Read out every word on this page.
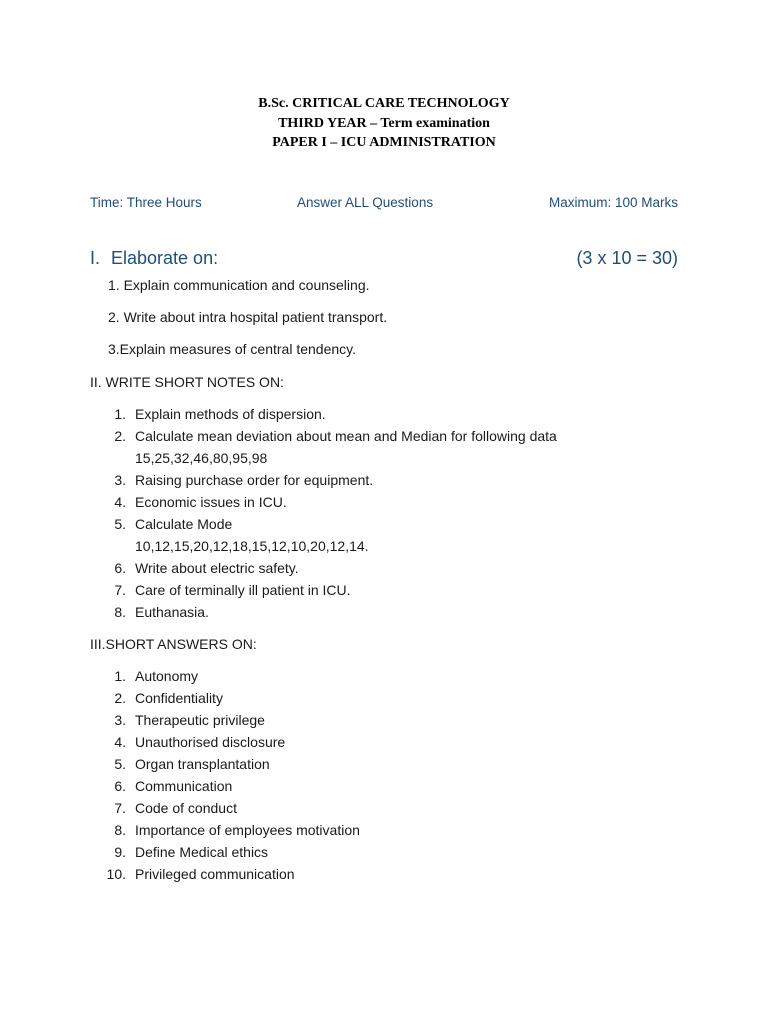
B.Sc. CRITICAL CARE TECHNOLOGY
THIRD YEAR – Term examination
PAPER I – ICU ADMINISTRATION
Time: Three Hours	Answer ALL Questions	Maximum: 100 Marks
I. Elaborate on:	(3 x 10 = 30)
1. Explain communication and counseling.
2. Write about intra hospital patient transport.
3.Explain measures of central tendency.
II. WRITE SHORT NOTES ON:
1. Explain methods of dispersion.
2. Calculate mean deviation about mean and Median for following data
15,25,32,46,80,95,98
3. Raising purchase order for equipment.
4. Economic issues in ICU.
5. Calculate Mode
10,12,15,20,12,18,15,12,10,20,12,14.
6. Write about electric safety.
7. Care of terminally ill patient in ICU.
8. Euthanasia.
III.SHORT ANSWERS ON:
1. Autonomy
2. Confidentiality
3. Therapeutic privilege
4. Unauthorised disclosure
5. Organ transplantation
6. Communication
7. Code of conduct
8. Importance of employees motivation
9. Define Medical ethics
10. Privileged communication
